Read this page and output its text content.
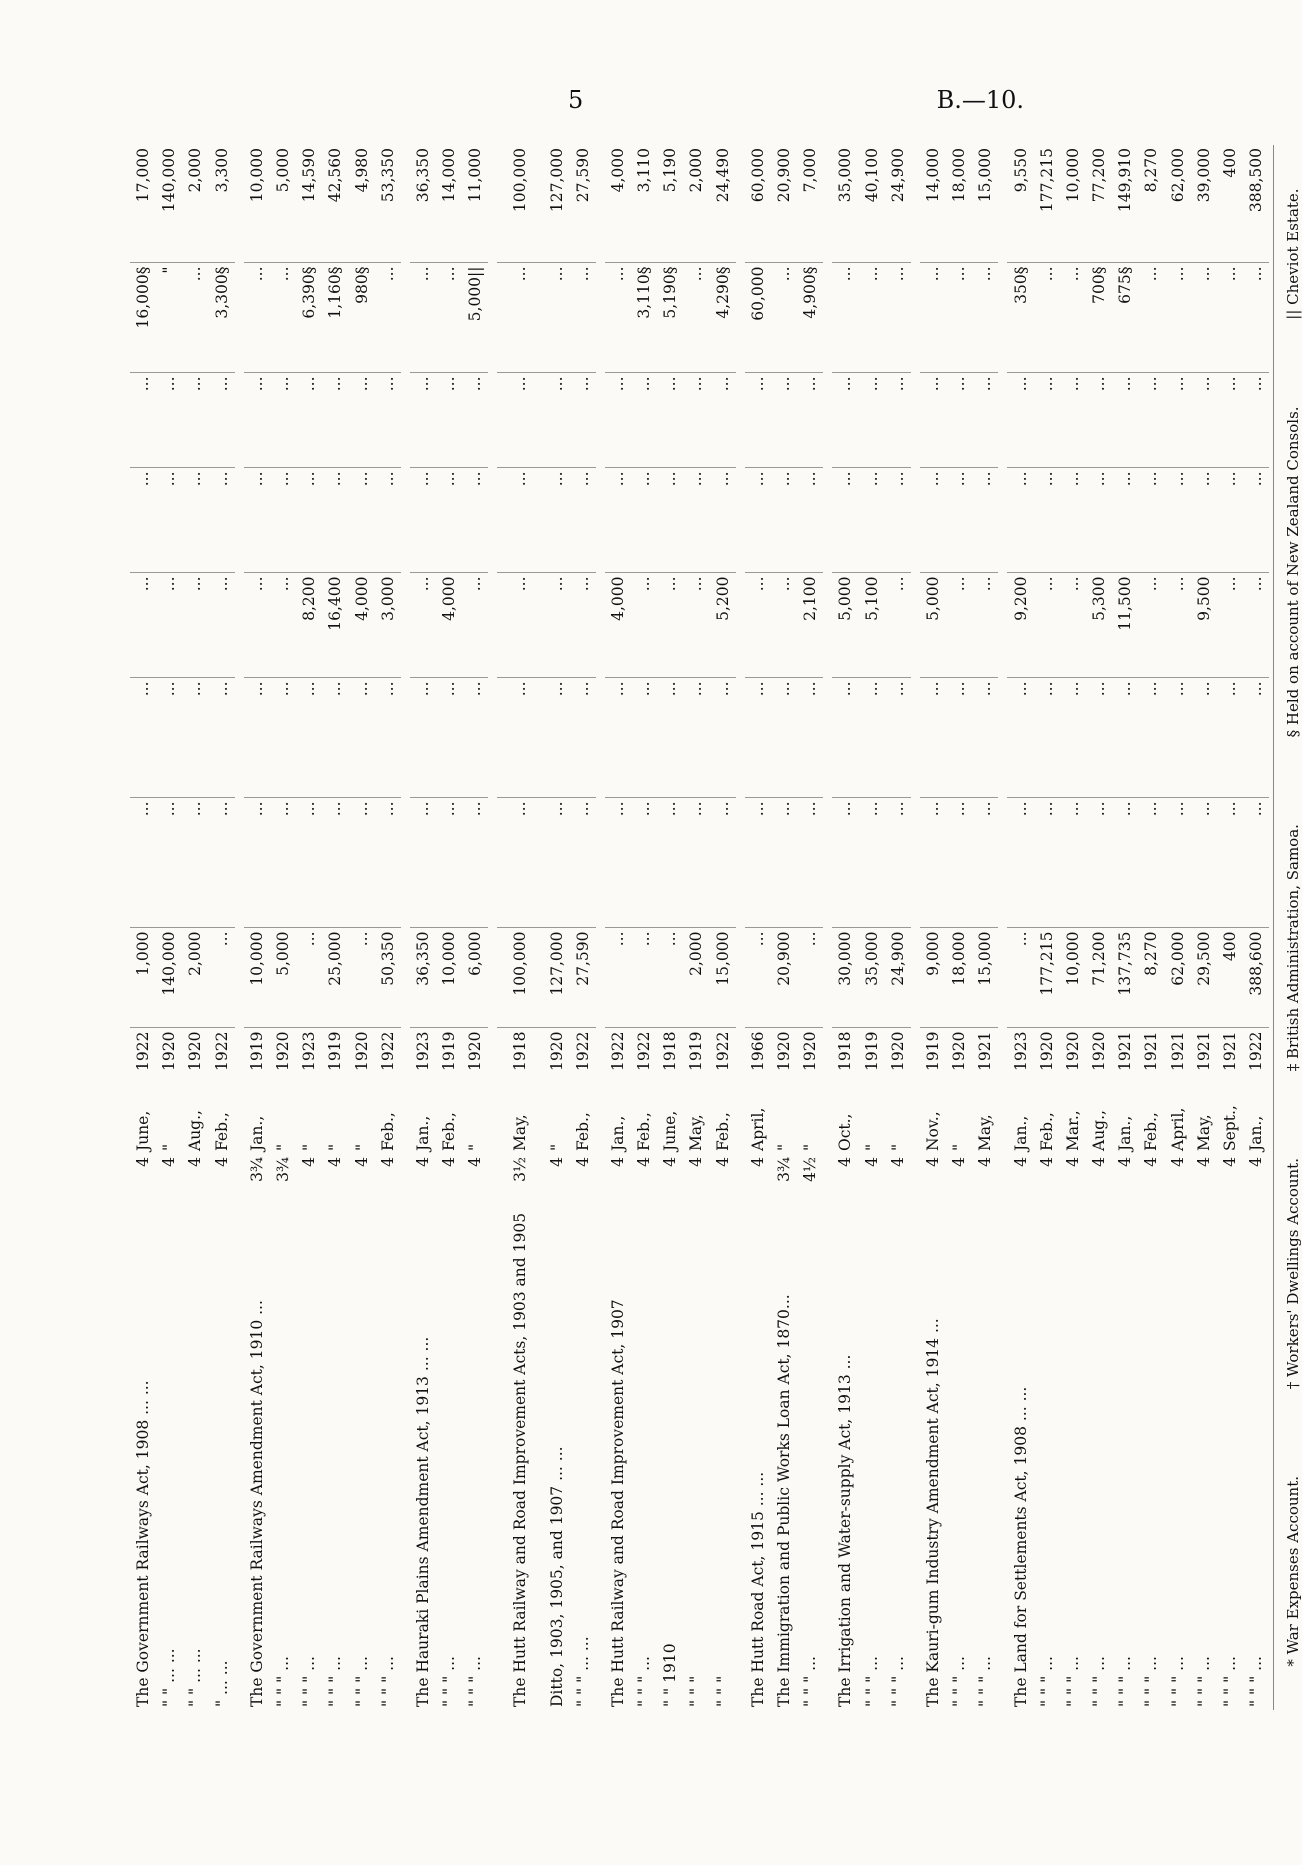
5	B.—10.
The Government Railways Act, 1908 ... ...	4	June,	1922	1,000	...	...	...	...	...	16,000§	17,000
" " ... ...	4	"	1920	140,000	...	...	...	...	...	"	140,000
" " ... ...	4	Aug.,	1920	2,000	...	...	...	...	...	...	2,000
" ... ...	4	Feb.,	1922	...	...	...	...	...	...	3,300§	3,300

The Government Railways Amendment Act, 1910 ...	3¾	Jan.,	1919	10,000	...	...	...	...	...	...	10,000
" " " ...	3¾	"	1920	5,000	...	...	...	...	...	...	5,000
" " " ...	4	"	1923	...	...	...	8,200	...	...	6,390§	14,590
" " " ...	4	"	1919	25,000	...	...	16,400	...	...	1,160§	42,560
" " " ...	4	"	1920	...	...	...	4,000	...	...	980§	4,980
" " " ...	4	Feb.,	1922	50,350	...	...	3,000	...	...	...	53,350

The Hauraki Plains Amendment Act, 1913 ... ...	4	Jan.,	1923	36,350	...	...	...	...	...	...	36,350
" " " ...	4	Feb.,	1919	10,000	...	...	4,000	...	...	...	14,000
" " " ...	4	"	1920	6,000	...	...	...	...	...	5,000||	11,000

The Hutt Railway and Road Improvement Acts, 1903 and 1905	3½	May,	1918	100,000	...	...	...	...	...	...	100,000
Ditto, 1903, 1905, and 1907 ... ...	4	"	1920	127,000	...	...	...	...	...	...	127,000
" " " ... ...	4	Feb.,	1922	27,590	...	...	...	...	...	...	27,590

The Hutt Railway and Road Improvement Act, 1907	4	Jan.,	1922	...	...	...	4,000	...	...	...	4,000
" " " ...	4	Feb.,	1922	...	...	...	...	...	...	3,110§	3,110
" " 1910	4	June,	1918	...	...	...	...	...	...	5,190§	5,190
" " "	4	May,	1919	2,000	...	...	...	...	...	...	2,000
" " "	4	Feb.,	1922	15,000	...	...	5,200	...	...	4,290§	24,490

The Hutt Road Act, 1915 ... ...	4	April,	1966	...	...	...	...	...	...	60,000	60,000
The Immigration and Public Works Loan Act, 1870...	3¾	"	1920	20,900	...	...	...	...	...	...	20,900
" " " ...	4½	"	1920	...	...	...	2,100	...	...	4,900§	7,000

The Irrigation and Water-supply Act, 1913 ...	4	Oct.,	1918	30,000	...	...	5,000	...	...	...	35,000
" " " ...	4	"	1919	35,000	...	...	5,100	...	...	...	40,100
" " " ...	4	"	1920	24,900	...	...	...	...	...	...	24,900

The Kauri-gum Industry Amendment Act, 1914 ...	4	Nov.,	1919	9,000	...	...	5,000	...	...	...	14,000
" " " ...	4	"	1920	18,000	...	...	...	...	...	...	18,000
" " " ...	4	May,	1921	15,000	...	...	...	...	...	...	15,000

The Land for Settlements Act, 1908 ... ...	4	Jan.,	1923	...	...	...	9,200	...	...	350§	9,550
" " " ...	4	Feb.,	1920	177,215	...	...	...	...	...	...	177,215
" " " ...	4	Mar.,	1920	10,000	...	...	...	...	...	...	10,000
" " " ...	4	Aug.,	1920	71,200	...	...	5,300	...	...	700§	77,200
" " " ...	4	Jan.,	1921	137,735	...	...	11,500	...	...	675§	149,910
" " " ...	4	Feb.,	1921	8,270	...	...	...	...	...	...	8,270
" " " ...	4	April,	1921	62,000	...	...	...	...	...	...	62,000
" " " ...	4	May,	1921	29,500	...	...	9,500	...	...	...	39,000
" " " ...	4	Sept.,	1921	400	...	...	...	...	...	...	400
" " " ...	4	Jan.,	1922	388,600	...	...	...	...	...	...	388,500
* War Expenses Account.
† Workers' Dwellings Account.
‡ British Administration, Samoa.
§ Held on account of New Zealand Consols.
|| Cheviot Estate.
